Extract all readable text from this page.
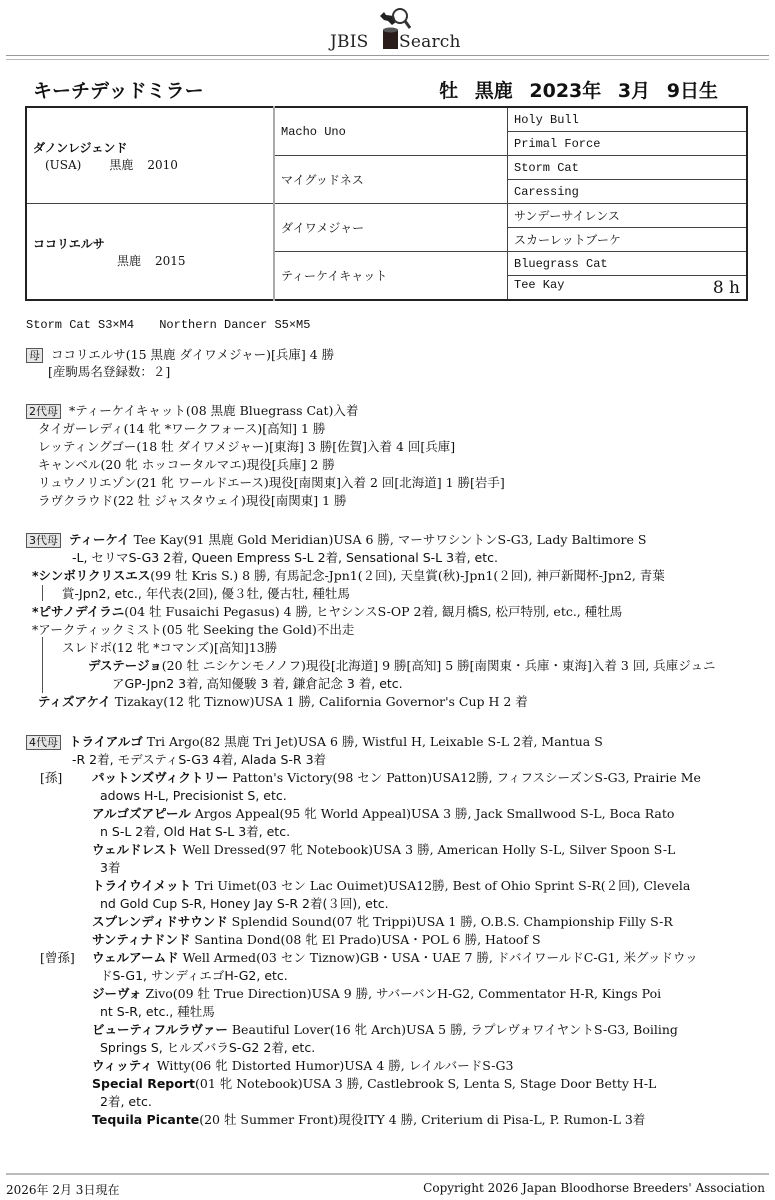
JBIS Search
キーチデッドミラー	牡 黒鹿 2023年 3月 9日生
ダノンレジェンド
(USA) 黒鹿 2010	Macho Uno	Holy Bull
		Primal Force
	マイグッドネス	Storm Cat
		Caressing

ココリエルサ
黒鹿 2015	ダイワメジャー	サンデーサイレンス
		スカーレットブーケ
	ティーケイキャット	Bluegrass Cat
		Tee Kay 8 h
Storm Cat S3×M4 Northern Dancer S5×M5
母 ココリエルサ(15 黒鹿 ダイワメジャー)[兵庫] 4 勝
[産駒馬名登録数：２]
2代母 *ティーケイキャット(08 黒鹿 Bluegrass Cat)入着
タイガーレディ(14 牝 *ワークフォース)[高知] 1 勝
レッティングゴー(18 牡 ダイワメジャー)[東海] 3 勝[佐賀]入着 4 回[兵庫]
キャンベル(20 牝 ホッコータルマエ)現役[兵庫] 2 勝
リュウノリエゾン(21 牝 ワールドエース)現役[南関東]入着 2 回[北海道] 1 勝[岩手]
ラヴクラウド(22 牡 ジャスタウェイ)現役[南関東] 1 勝
3代母 ティーケイ Tee Kay(91 黒鹿 Gold Meridian)USA 6 勝, マーサワシントンS-G3, Lady Baltimore S
-L, セリマS-G3 2着, Queen Empress S-L 2着, Sensational S-L 3着, etc.
*シンボリクリスエス(99 牡 Kris S.) 8 勝, 有馬記念-Jpn1(２回), 天皇賞(秋)-Jpn1(２回), 神戸新聞杯-Jpn2, 青葉
賞-Jpn2, etc., 年代表(2回), 優３牡, 優古牡, 種牡馬
*ピサノデイラニ(04 牡 Fusaichi Pegasus) 4 勝, ヒヤシンスS-OP 2着, 観月橋S, 松戸特別, etc., 種牡馬
*アークティックミスト(05 牝 Seeking the Gold)不出走
スレドボ(12 牝 *コマンズ)[高知]13勝
デステージョ(20 牡 ニシケンモノノフ)現役[北海道] 9 勝[高知] 5 勝[南関東・兵庫・東海]入着 3 回, 兵庫ジュニ
アGP-Jpn2 3着, 高知優駿 3 着, 鎌倉記念 3 着, etc.
ティズアケイ Tizakay(12 牝 Tiznow)USA 1 勝, California Governor's Cup H 2 着
4代母 トライアルゴ Tri Argo(82 黒鹿 Tri Jet)USA 6 勝, Wistful H, Leixable S-L 2着, Mantua S
-R 2着, モデスティS-G3 4着, Alada S-R 3着
[孫] パットンズヴィクトリー Patton's Victory(98 セン Patton)USA12勝, フィフスシーズンS-G3, Prairie Me
adows H-L, Precisionist S, etc.
アルゴズアピール Argos Appeal(95 牝 World Appeal)USA 3 勝, Jack Smallwood S-L, Boca Rato
n S-L 2着, Old Hat S-L 3着, etc.
ウェルドレスト Well Dressed(97 牝 Notebook)USA 3 勝, American Holly S-L, Silver Spoon S-L
3着
トライウイメット Tri Uimet(03 セン Lac Ouimet)USA12勝, Best of Ohio Sprint S-R(２回), Clevela
nd Gold Cup S-R, Honey Jay S-R 2着(３回), etc.
スプレンディドサウンド Splendid Sound(07 牝 Trippi)USA 1 勝, O.B.S. Championship Filly S-R
サンティナドンド Santina Dond(08 牝 El Prado)USA・POL 6 勝, Hatoof S
[曾孫] ウェルアームド Well Armed(03 セン Tiznow)GB・USA・UAE 7 勝, ドバイワールドC-G1, 米グッドウッ
ドS-G1, サンディエゴH-G2, etc.
ジーヴォ Zivo(09 牡 True Direction)USA 9 勝, サバーバンH-G2, Commentator H-R, Kings Poi
nt S-R, etc., 種牡馬
ビューティフルラヴァー Beautiful Lover(16 牝 Arch)USA 5 勝, ラプレヴォワイヤントS-G3, Boiling
Springs S, ヒルズバラS-G2 2着, etc.
ウィッティ Witty(06 牝 Distorted Humor)USA 4 勝, レイルバードS-G3
Special Report(01 牝 Notebook)USA 3 勝, Castlebrook S, Lenta S, Stage Door Betty H-L
2着, etc.
Tequila Picante(20 牡 Summer Front)現役ITY 4 勝, Criterium di Pisa-L, P. Rumon-L 3着
2026年 2月 3日現在	Copyright 2026 Japan Bloodhorse Breeders' Association
